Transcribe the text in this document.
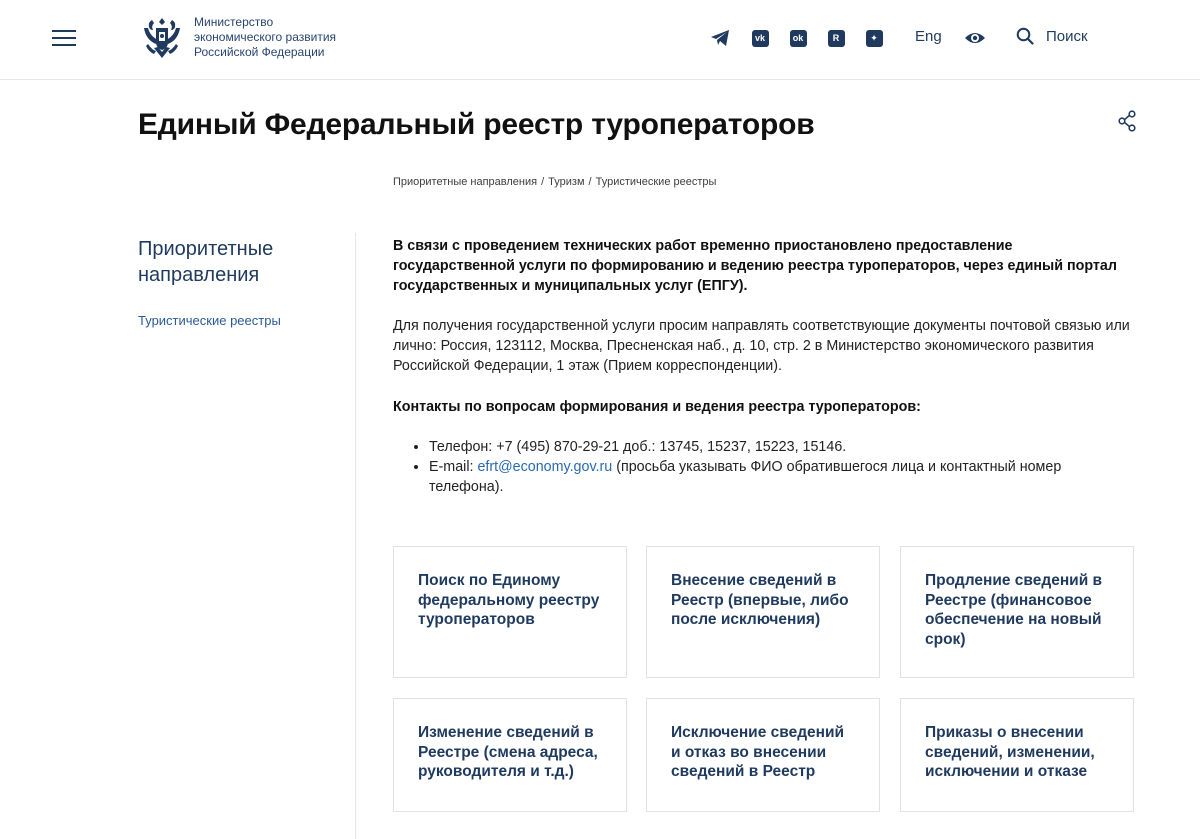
Министерство
экономического развития
Российской Федерации
vk	ok	R	✦	Eng	Поиск
Единый Федеральный реестр туроператоров
Приоритетные направления / Туризм / Туристические реестры
Приоритетные направления
Туристические реестры

В связи с проведением технических работ временно приостановлено предоставление государственной услуги по формированию и ведению реестра туроператоров, через единый портал государственных и муниципальных услуг (ЕПГУ).

Для получения государственной услуги просим направлять соответствующие документы почтовой связью или лично: Россия, 123112, Москва, Пресненская наб., д. 10, стр. 2 в Министерство экономического развития Российской Федерации, 1 этаж (Прием корреспонденции).

Контакты по вопросам формирования и ведения реестра туроператоров:

• Телефон: +7 (495) 870-29-21 доб.: 13745, 15237, 15223, 15146.
• E-mail: efrt@economy.gov.ru (просьба указывать ФИО обратившегося лица и контактный номер телефона).
Поиск по Единому федеральному реестру туроператоров
Внесение сведений в Реестр (впервые, либо после исключения)
Продление сведений в Реестре (финансовое обеспечение на новый срок)
Изменение сведений в Реестре (смена адреса, руководителя и т.д.)
Исключение сведений и отказ во внесении сведений в Реестр
Приказы о внесении сведений, изменении, исключении и отказе
